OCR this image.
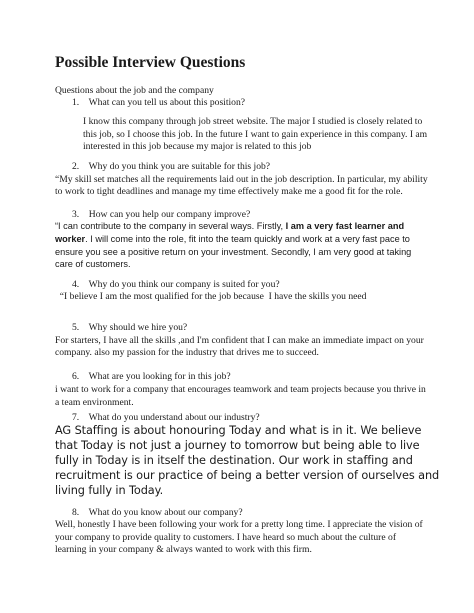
Possible Interview Questions
Questions about the job and the company
1.    What can you tell us about this position?
I know this company through job street website. The major I studied is closely related to
this job, so I choose this job. In the future I want to gain experience in this company. I am
interested in this job because my major is related to this job
2.    Why do you think you are suitable for this job?
“My skill set matches all the requirements laid out in the job description. In particular, my ability
to work to tight deadlines and manage my time effectively make me a good fit for the role.
3.    How can you help our company improve?
“I can contribute to the company in several ways. Firstly, I am a very fast learner and
worker. I will come into the role, fit into the team quickly and work at a very fast pace to
ensure you see a positive return on your investment. Secondly, I am very good at taking
care of customers.
4.    Why do you think our company is suited for you?
“I believe I am the most qualified for the job because  I have the skills you need
5.    Why should we hire you?
For starters, I have all the skills ,and I'm confident that I can make an immediate impact on your
company. also my passion for the industry that drives me to succeed.
6.    What are you looking for in this job?
i want to work for a company that encourages teamwork and team projects because you thrive in
a team environment.
7.    What do you understand about our industry?
AG Staffing is about honouring Today and what is in it. We believe
that Today is not just a journey to tomorrow but being able to live
fully in Today is in itself the destination. Our work in staffing and
recruitment is our practice of being a better version of ourselves and
living fully in Today.
8.    What do you know about our company?
Well, honestly I have been following your work for a pretty long time. I appreciate the vision of
your company to provide quality to customers. I have heard so much about the culture of
learning in your company & always wanted to work with this firm.
